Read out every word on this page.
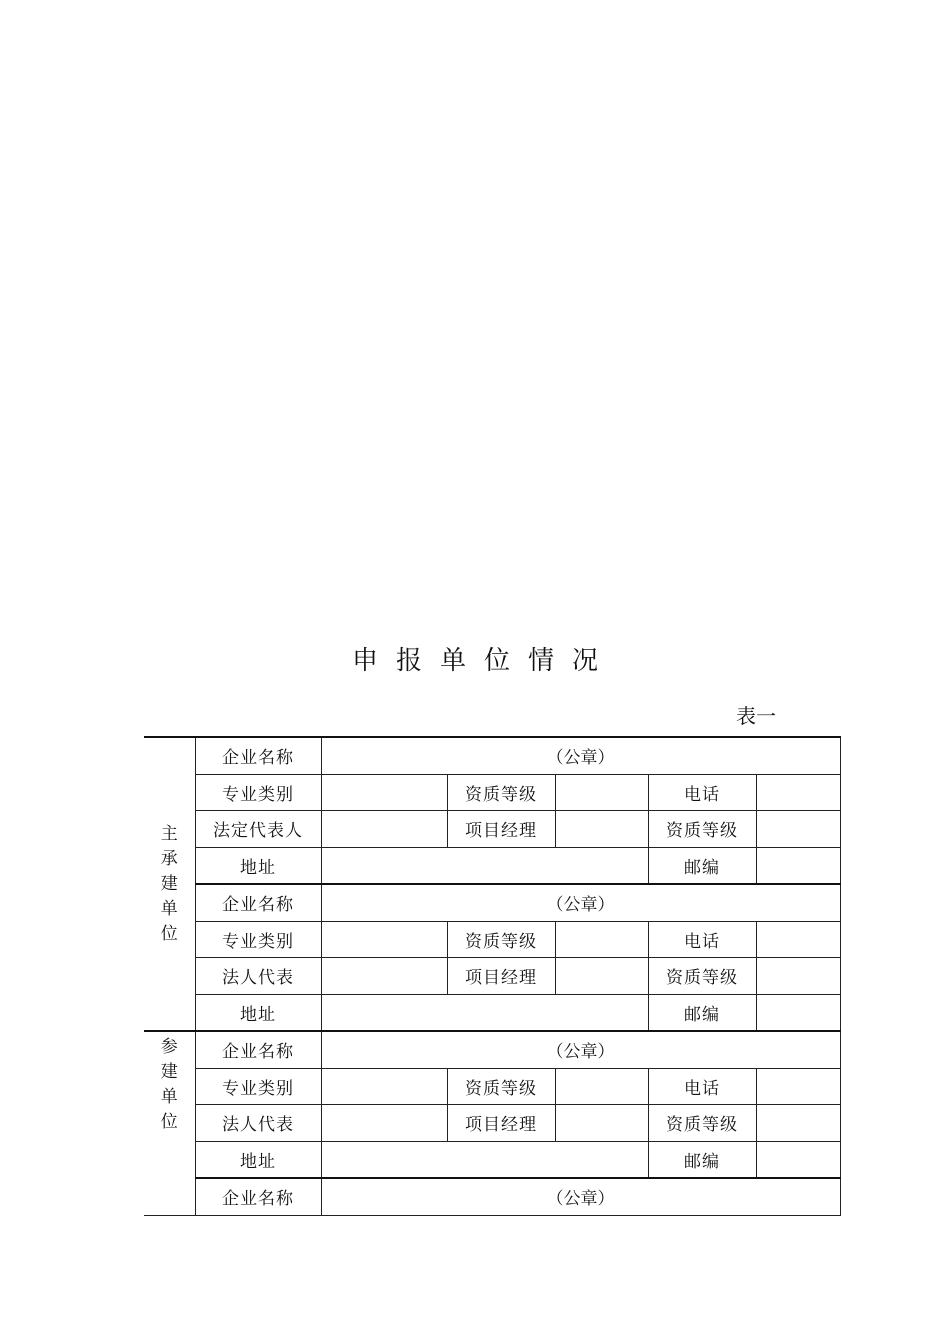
申报单位情况
表一
主承建单位	企业名称	（公章）				
	专业类别		资质等级		电话	
	法定代表人		项目经理		资质等级	
	地址				邮编	
	企业名称	（公章）				
	专业类别		资质等级		电话	
	法人代表		项目经理		资质等级	
	地址				邮编	

参建单位	企业名称	（公章）				
	专业类别		资质等级		电话	
	法人代表		项目经理		资质等级	
	地址				邮编	
	企业名称	（公章）				
